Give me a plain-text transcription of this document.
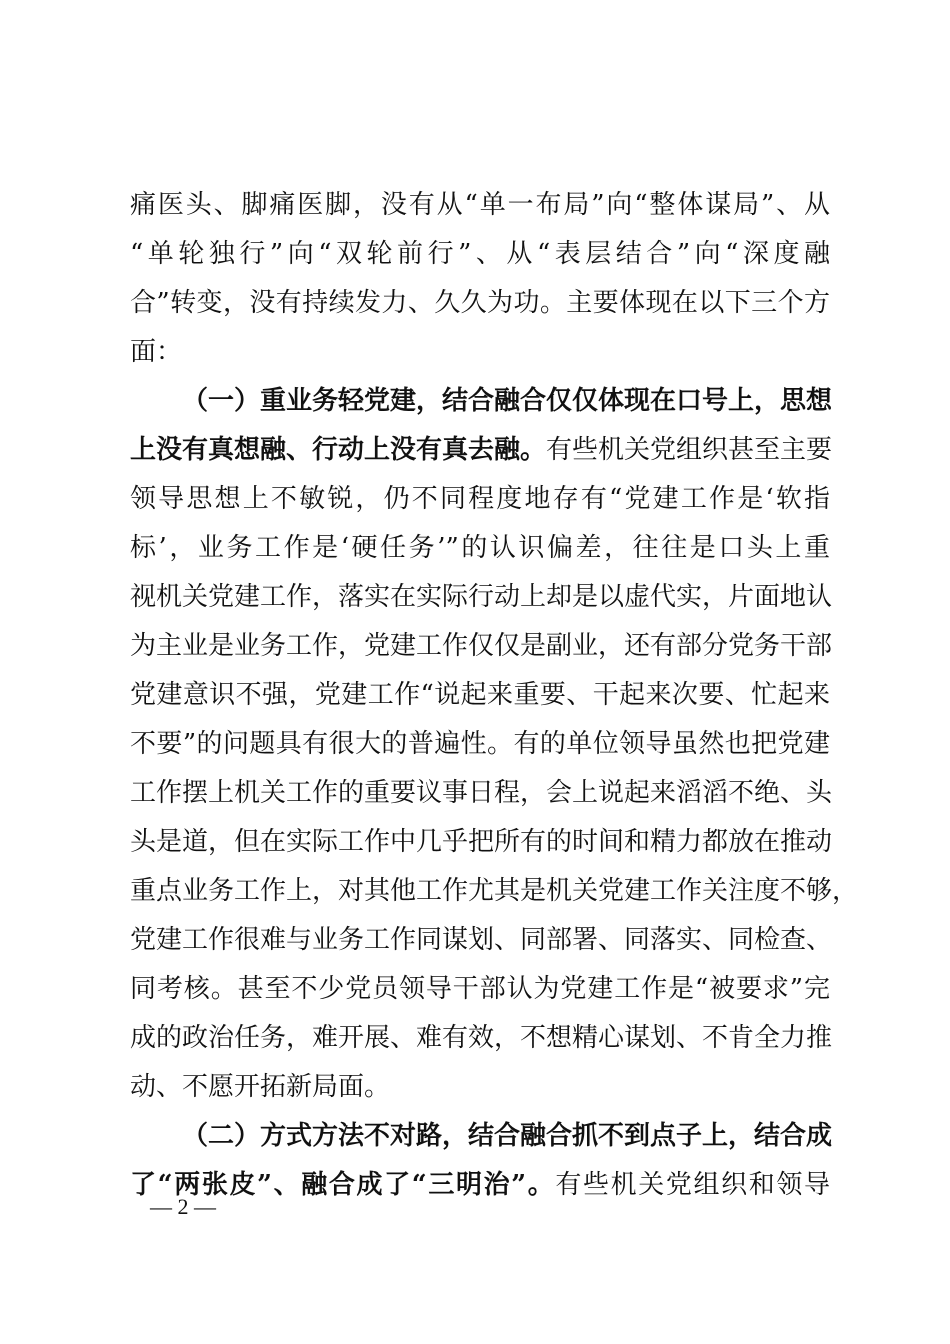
痛医头、脚痛医脚，没有从“单一布局”向“整体谋局”、从
“单轮独行”向“双轮前行”、从“表层结合”向“深度融
合”转变，没有持续发力、久久为功。主要体现在以下三个方
面：
（一）重业务轻党建，结合融合仅仅体现在口号上，思想
上没有真想融、行动上没有真去融。有些机关党组织甚至主要
领导思想上不敏锐，仍不同程度地存有“党建工作是‘软指
标’，业务工作是‘硬任务’”的认识偏差，往往是口头上重
视机关党建工作，落实在实际行动上却是以虚代实，片面地认
为主业是业务工作，党建工作仅仅是副业，还有部分党务干部
党建意识不强，党建工作“说起来重要、干起来次要、忙起来
不要”的问题具有很大的普遍性。有的单位领导虽然也把党建
工作摆上机关工作的重要议事日程，会上说起来滔滔不绝、头
头是道，但在实际工作中几乎把所有的时间和精力都放在推动
重点业务工作上，对其他工作尤其是机关党建工作关注度不够，
党建工作很难与业务工作同谋划、同部署、同落实、同检查、
同考核。甚至不少党员领导干部认为党建工作是“被要求”完
成的政治任务，难开展、难有效，不想精心谋划、不肯全力推
动、不愿开拓新局面。
（二）方式方法不对路，结合融合抓不到点子上，结合成
了“两张皮”、融合成了“三明治”。有些机关党组织和领导
— 2 —
